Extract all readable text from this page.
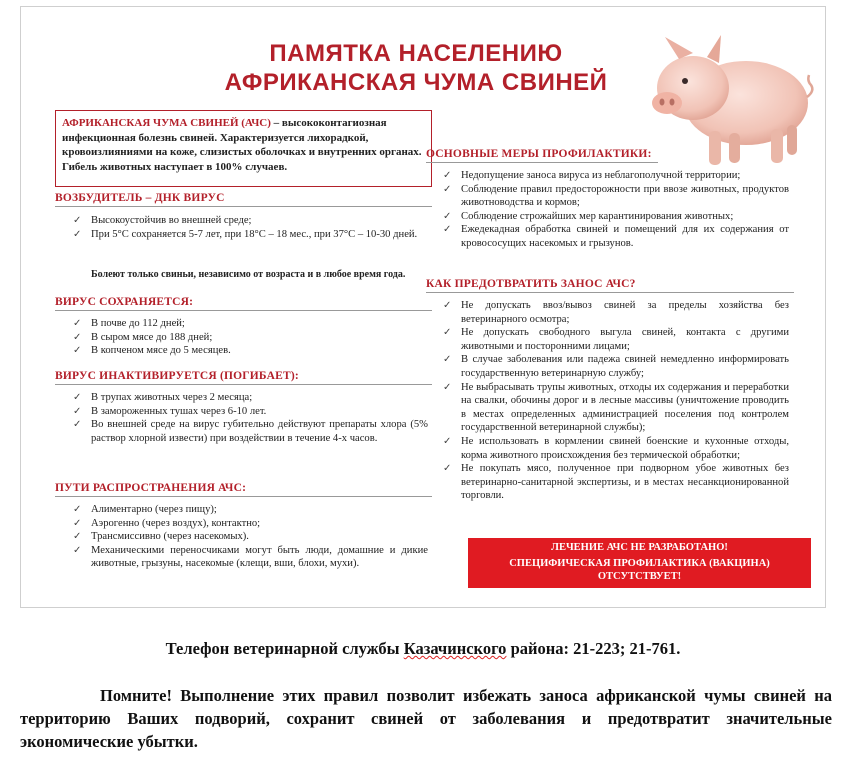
ПАМЯТКА НАСЕЛЕНИЮ
АФРИКАНСКАЯ ЧУМА СВИНЕЙ
АФРИКАНСКАЯ ЧУМА СВИНЕЙ (АЧС) – высококонтагиозная инфекционная болезнь свиней. Характеризуется лихорадкой, кровоизлияниями на коже, слизистых оболочках и внутренних органах. Гибель животных наступает в 100% случаев.
ВОЗБУДИТЕЛЬ – ДНК ВИРУС
✓ Высокоустойчив во внешней среде;
✓ При 5°С сохраняется 5-7 лет, при 18°С – 18 мес., при 37°С – 10-30 дней.
Болеют только свиньи, независимо от возраста и в любое время года.
ВИРУС СОХРАНЯЕТСЯ:
✓ В почве до 112 дней;
✓ В сыром мясе до 188 дней;
✓ В копченом мясе до 5 месяцев.
ВИРУС ИНАКТИВИРУЕТСЯ (ПОГИБАЕТ):
✓ В трупах животных через 2 месяца;
✓ В замороженных тушах через 6-10 лет.
✓ Во внешней среде на вирус губительно действуют препараты хлора (5% раствор хлорной извести) при воздействии в течение 4-х часов.
ПУТИ РАСПРОСТРАНЕНИЯ АЧС:
✓ Алиментарно (через пищу);
✓ Аэрогенно (через воздух), контактно;
✓ Трансмиссивно (через насекомых).
✓ Механическими переносчиками могут быть люди, домашние и дикие животные, грызуны, насекомые (клещи, вши, блохи, мухи).
ОСНОВНЫЕ МЕРЫ ПРОФИЛАКТИКИ:
✓ Недопущение заноса вируса из неблагополучной территории;
✓ Соблюдение правил предосторожности при ввозе животных, продуктов животноводства и кормов;
✓ Соблюдение строжайших мер карантинирования животных;
✓ Ежедекадная обработка свиней и помещений для их содержания от кровососущих насекомых и грызунов.
КАК ПРЕДОТВРАТИТЬ ЗАНОС АЧС?
✓ Не допускать ввоз/вывоз свиней за пределы хозяйства без ветеринарного осмотра;
✓ Не допускать свободного выгула свиней, контакта с другими животными и посторонними лицами;
✓ В случае заболевания или падежа свиней немедленно информировать государственную ветеринарную службу;
✓ Не выбрасывать трупы животных, отходы их содержания и переработки на свалки, обочины дорог и в лесные массивы (уничтожение проводить в местах определенных администрацией поселения под контролем государственной ветеринарной службы);
✓ Не использовать в кормлении свиней боенские и кухонные отходы, корма животного происхождения без термической обработки;
✓ Не покупать мясо, полученное при подворном убое животных без ветеринарно-санитарной экспертизы, и в местах несанкционированной торговли.
ЛЕЧЕНИЕ АЧС НЕ РАЗРАБОТАНО!
СПЕЦИФИЧЕСКАЯ ПРОФИЛАКТИКА (ВАКЦИНА)
ОТСУТСТВУЕТ!
Телефон ветеринарной службы Казачинского района: 21-223; 21-761.
Помните! Выполнение этих правил позволит избежать заноса африканской чумы свиней на территорию Ваших подворий, сохранит свиней от заболевания и предотвратит значительные экономические убытки.
